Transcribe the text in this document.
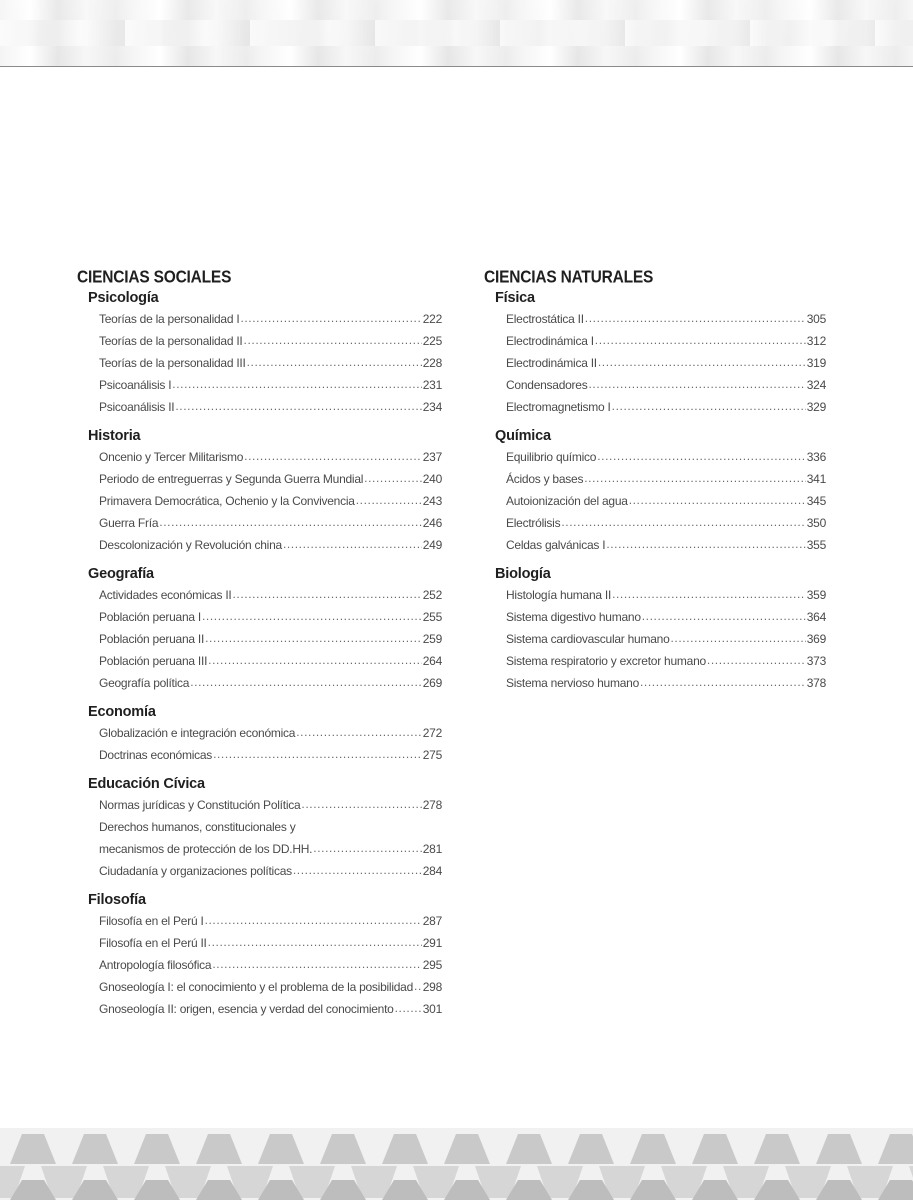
CIENCIAS SOCIALES
Psicología
Teorías de la personalidad I .....	222
Teorías de la personalidad II .....	225
Teorías de la personalidad III .....	228
Psicoanálisis I .....	231
Psicoanálisis II .....	234
Historia
Oncenio y Tercer Militarismo .....	237
Periodo de entreguerras y Segunda Guerra Mundial .....	240
Primavera Democrática, Ochenio y la Convivencia .....	243
Guerra Fría .....	246
Descolonización y Revolución china .....	249
Geografía
Actividades económicas II .....	252
Población peruana I .....	255
Población peruana II .....	259
Población peruana III .....	264
Geografía política .....	269
Economía
Globalización e integración económica .....	272
Doctrinas económicas .....	275
Educación Cívica
Normas jurídicas y Constitución Política .....	278
Derechos humanos, constitucionales y
mecanismos de protección de los DD.HH. .....	281
Ciudadanía y organizaciones políticas .....	284
Filosofía
Filosofía en el Perú I .....	287
Filosofía en el Perú II .....	291
Antropología filosófica .....	295
Gnoseología I: el conocimiento y el problema de la posibilidad ..... 298
Gnoseología II: origen, esencia y verdad del conocimiento ..... 301
CIENCIAS NATURALES
Física
Electrostática II .....	305
Electrodinámica I .....	312
Electrodinámica II .....	319
Condensadores .....	324
Electromagnetismo I .....	329
Química
Equilibrio químico .....	336
Ácidos y bases .....	341
Autoionización del agua .....	345
Electrólisis .....	350
Celdas galvánicas I .....	355
Biología
Histología humana II .....	359
Sistema digestivo humano .....	364
Sistema cardiovascular humano .....	369
Sistema respiratorio y excretor humano .....	373
Sistema nervioso humano .....	378
